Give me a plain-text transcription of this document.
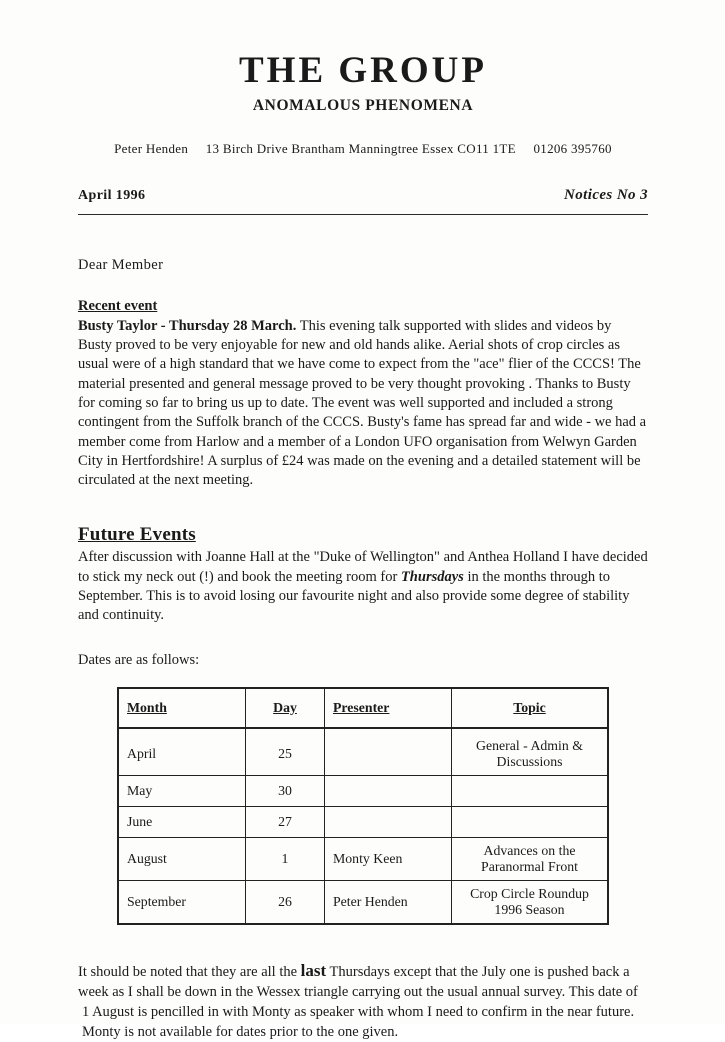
THE GROUP
ANOMALOUS PHENOMENA
Peter Henden 13 Birch Drive Brantham Manningtree Essex CO11 1TE 01206 395760
April 1996	Notices No 3
Dear Member
Recent event

Busty Taylor - Thursday 28 March. This evening talk supported with slides and videos by Busty proved to be very enjoyable for new and old hands alike. Aerial shots of crop circles as usual were of a high standard that we have come to expect from the "ace" flier of the CCCS! The material presented and general message proved to be very thought provoking . Thanks to Busty for coming so far to bring us up to date. The event was well supported and included a strong contingent from the Suffolk branch of the CCCS. Busty's fame has spread far and wide - we had a member come from Harlow and a member of a London UFO organisation from Welwyn Garden City in Hertfordshire! A surplus of £24 was made on the evening and a detailed statement will be circulated at the next meeting.

Future Events

After discussion with Joanne Hall at the "Duke of Wellington" and Anthea Holland I have decided to stick my neck out (!) and book the meeting room for Thursdays in the months through to September. This is to avoid losing our favourite night and also provide some degree of stability and continuity.

Dates are as follows:
Month	Day	Presenter	Topic
April	25		General - Admin & Discussions
May	30		
June	27		
August	1	Monty Keen	Advances on the Paranormal Front
September	26	Peter Henden	Crop Circle Roundup 1996 Season
It should be noted that they are all the last Thursdays except that the July one is pushed back a
week as I shall be down in the Wessex triangle carrying out the usual annual survey. This date of
1 August is pencilled in with Monty as speaker with whom I need to confirm in the near future.
Monty is not available for dates prior to the one given.
